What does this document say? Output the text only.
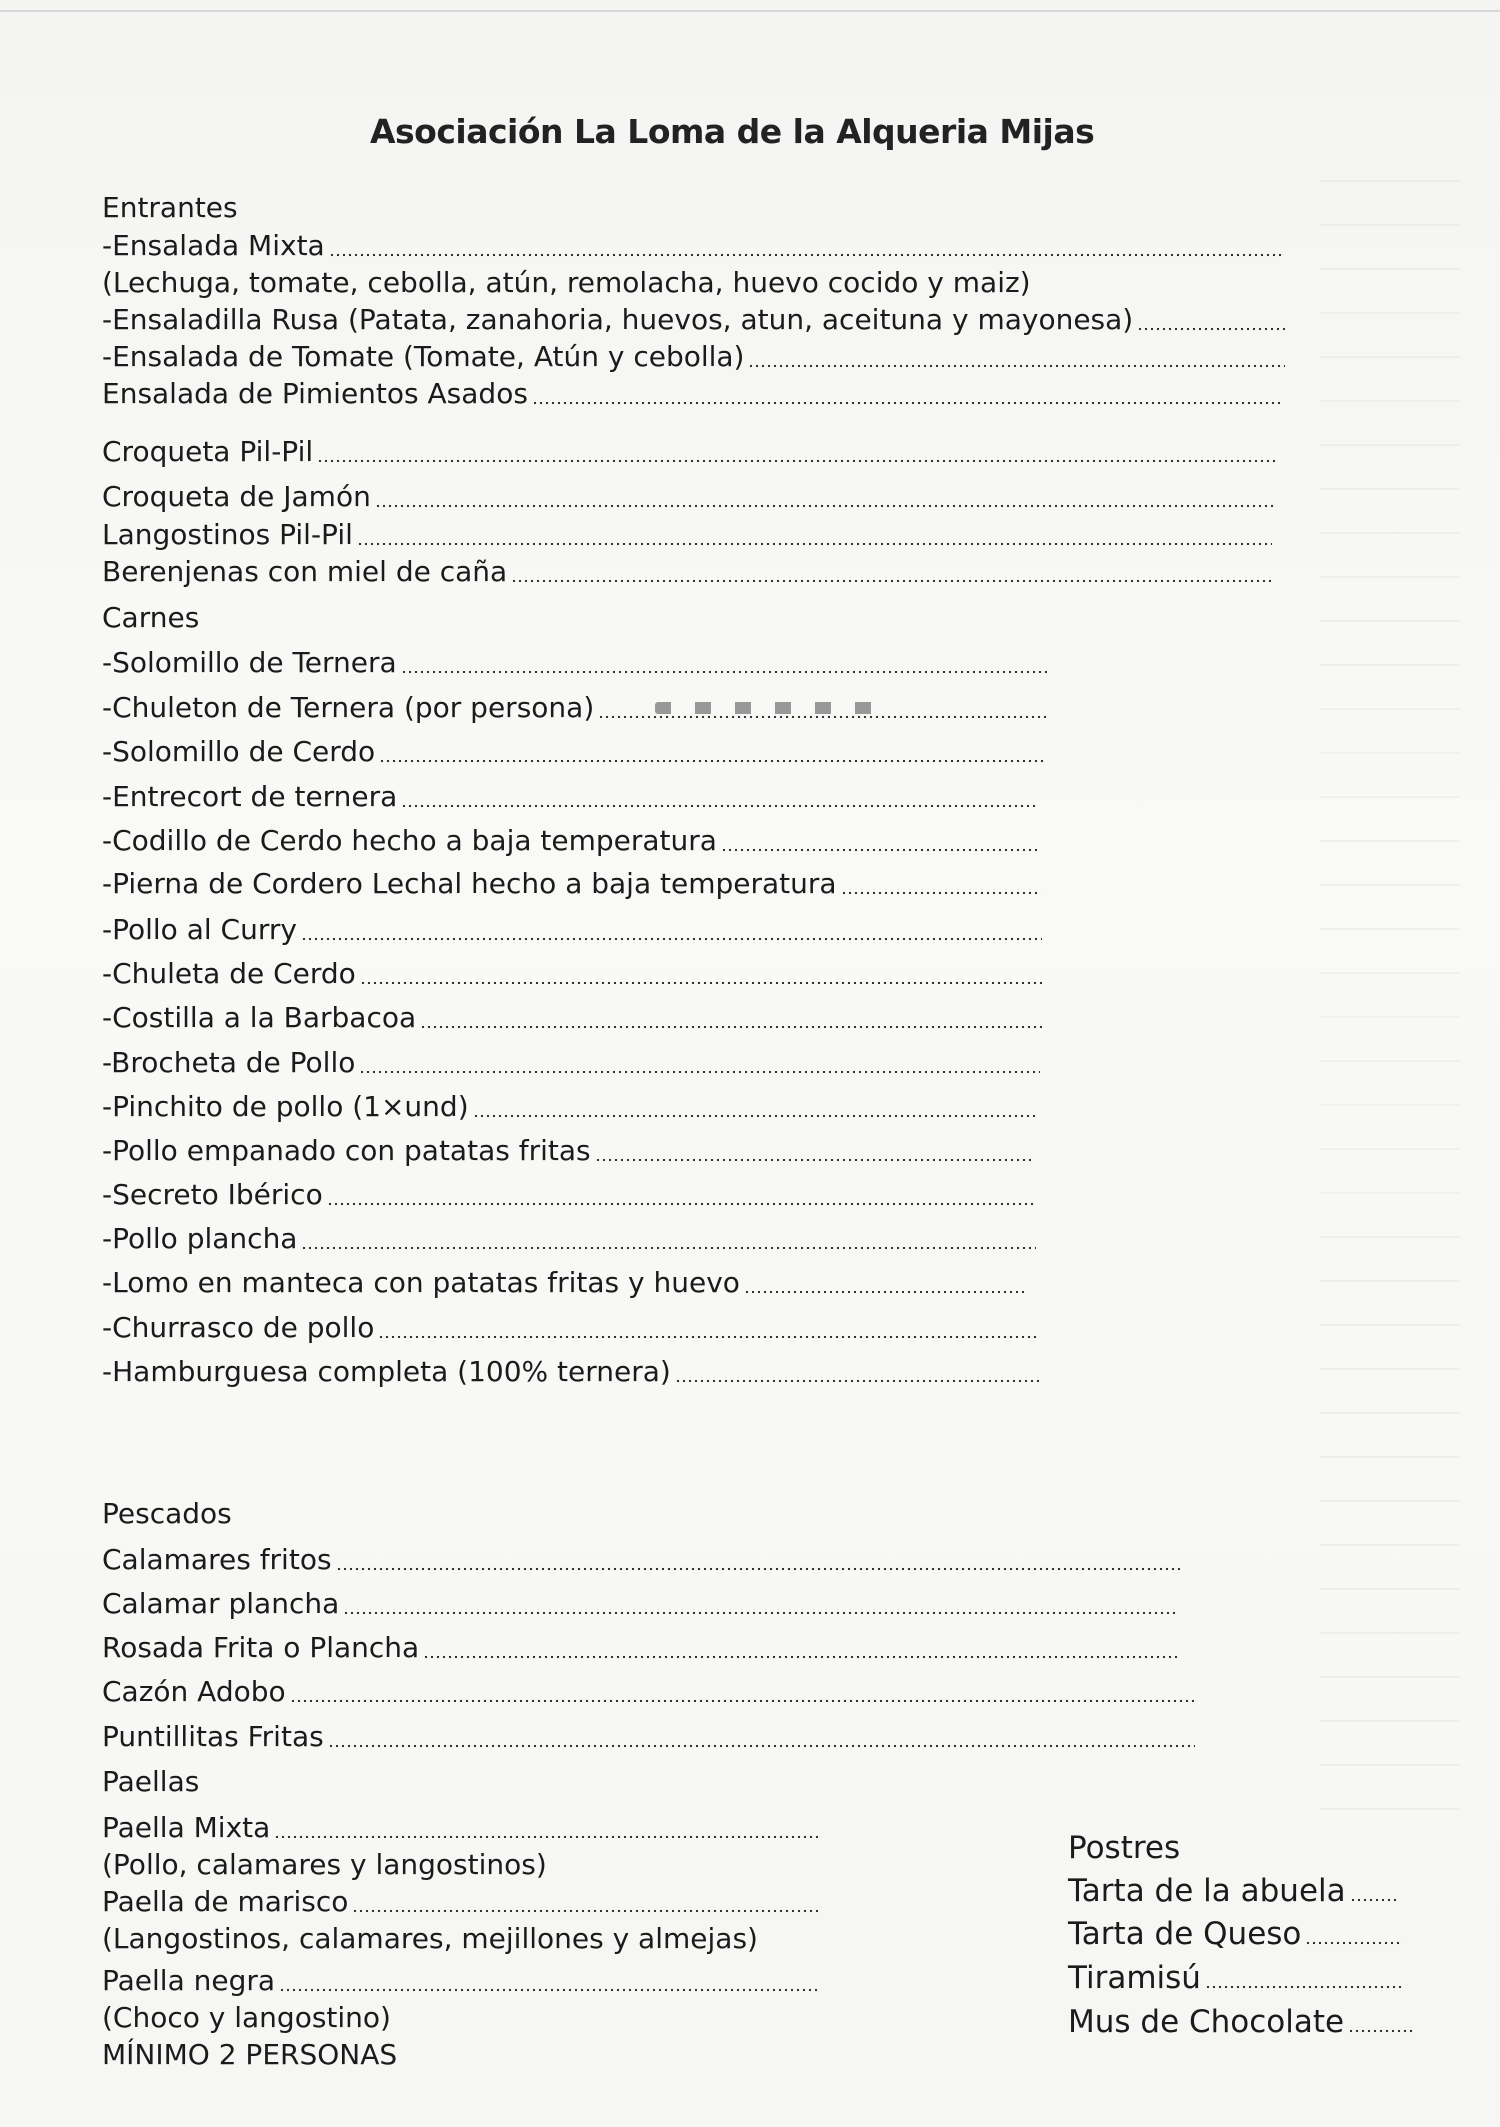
Asociación La Loma de la Alqueria Mijas
Entrantes
-Ensalada Mixta
(Lechuga, tomate, cebolla, atún, remolacha, huevo cocido y maiz)
-Ensaladilla Rusa (Patata, zanahoria, huevos, atun, aceituna y mayonesa)
-Ensalada de Tomate (Tomate, Atún y cebolla)
Ensalada de Pimientos Asados
Croqueta Pil-Pil
Croqueta de Jamón
Langostinos Pil-Pil
Berenjenas con miel de caña
Carnes
-Solomillo de Ternera
-Chuleton de Ternera (por persona)
-Solomillo de Cerdo
-Entrecort de ternera
-Codillo de Cerdo hecho a baja temperatura
-Pierna de Cordero Lechal hecho a baja temperatura
-Pollo al Curry
-Chuleta de Cerdo
-Costilla a la Barbacoa
-Brocheta de Pollo
-Pinchito de pollo (1×und)
-Pollo empanado con patatas fritas
-Secreto Ibérico
-Pollo plancha
-Lomo en manteca con patatas fritas y huevo
-Churrasco de pollo
-Hamburguesa completa (100% ternera)
Pescados
Calamares fritos
Calamar plancha
Rosada Frita o Plancha
Cazón Adobo
Puntillitas Fritas
Paellas
Paella Mixta
(Pollo, calamares y langostinos)
Paella de marisco
(Langostinos, calamares, mejillones y almejas)
Paella negra
(Choco y langostino)
MÍNIMO 2 PERSONAS
Postres
Tarta de la abuela
Tarta de Queso
Tiramisú
Mus de Chocolate
